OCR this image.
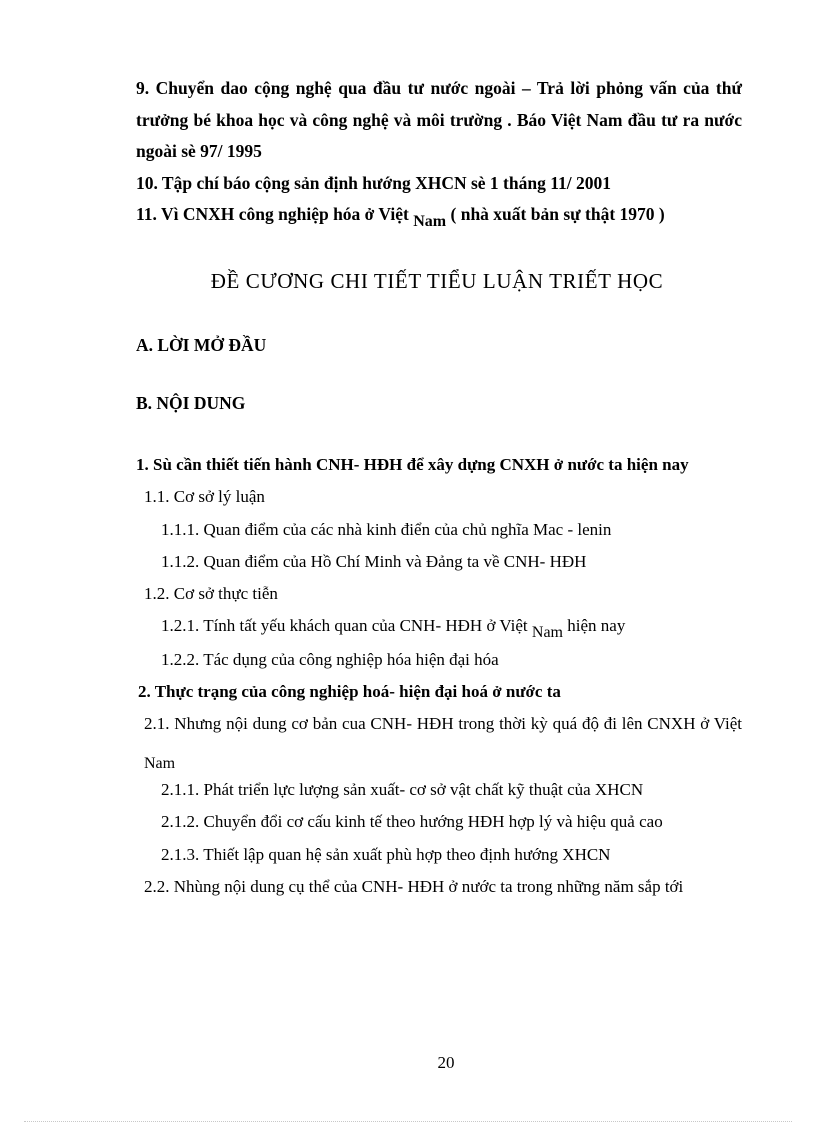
9. Chuyển dao cộng nghệ qua đầu tư nước ngoài – Trả lời phỏng vấn của thứ trưởng bé khoa học và công nghệ và môi trường . Báo Việt Nam đầu tư ra nước ngoài sè 97/ 1995

10. Tập chí báo cộng sản định hướng XHCN sè 1 tháng 11/ 2001

11. Vì CNXH công nghiệp hóa ở Việt Nam ( nhà xuất bản sự thật 1970 )

ĐỀ CƯƠNG CHI TIẾT TIỂU LUẬN TRIẾT HỌC
A. LỜI MỞ ĐẦU
B. NỘI DUNG

1. Sù cần thiết tiến hành CNH- HĐH để xây dựng CNXH ở nước ta hiện nay

1.1. Cơ sở lý luận

1.1.1. Quan điểm của các nhà kinh điển của chủ nghĩa Mac - lenin

1.1.2. Quan điểm của Hồ Chí Minh và Đảng ta về CNH- HĐH

1.2. Cơ sở thực tiễn

1.2.1. Tính tất yếu khách quan của CNH- HĐH ở Việt Nam hiện nay

1.2.2. Tác dụng của công nghiệp hóa hiện đại hóa

2. Thực trạng của công nghiệp hoá- hiện đại hoá ở nước ta

2.1. Nhưng nội dung cơ bản cua CNH- HĐH trong thời kỳ quá độ đi lên CNXH ở Việt Nam

2.1.1. Phát triển lực lượng sản xuất- cơ sở vật chất kỹ thuật của XHCN

2.1.2. Chuyển đổi cơ cấu kinh tế theo hướng HĐH hợp lý và hiệu quả cao

2.1.3. Thiết lập quan hệ sản xuất phù hợp theo định hướng XHCN

2.2. Nhùng nội dung cụ thể của CNH- HĐH ở nước ta trong những năm sắp tới

20
